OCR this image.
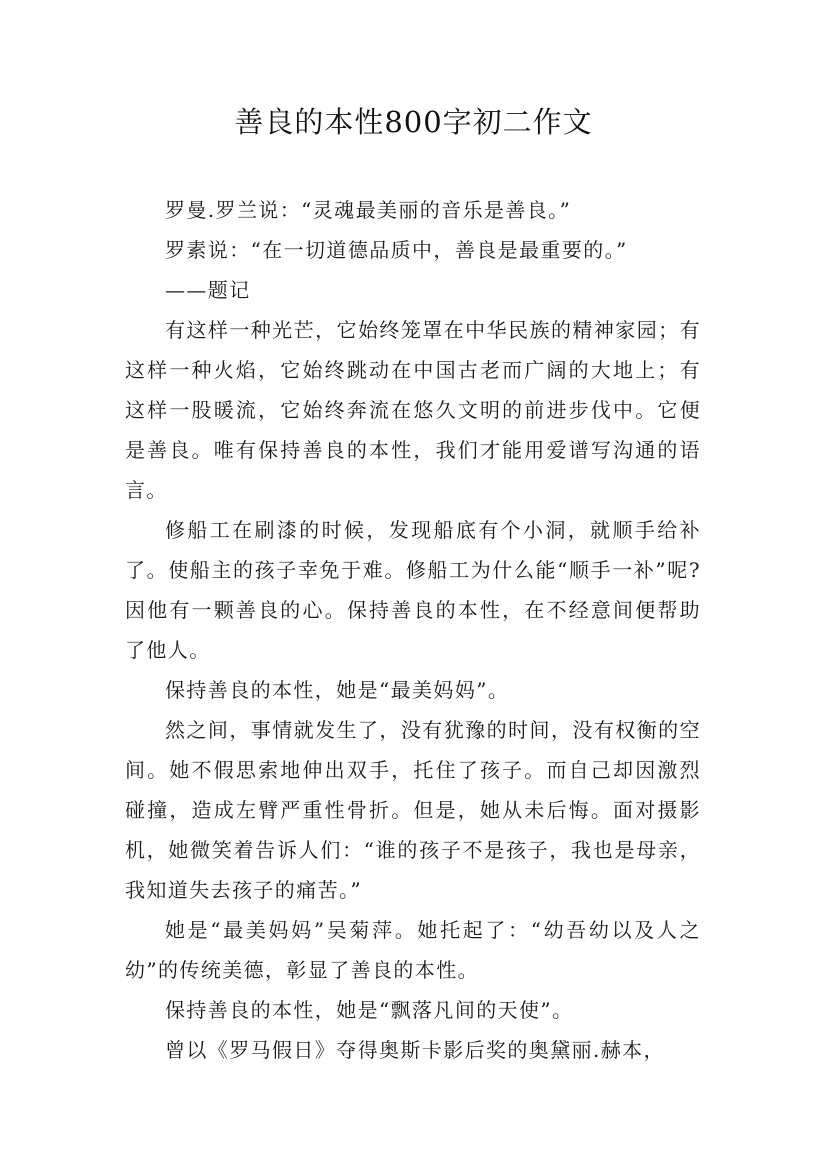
善良的本性800字初二作文

罗曼.罗兰说：“灵魂最美丽的音乐是善良。”

罗素说：“在一切道德品质中，善良是最重要的。”

——题记

有这样一种光芒，它始终笼罩在中华民族的精神家园；有这样一种火焰，它始终跳动在中国古老而广阔的大地上；有这样一股暖流，它始终奔流在悠久文明的前进步伐中。它便是善良。唯有保持善良的本性，我们才能用爱谱写沟通的语言。

修船工在刷漆的时候，发现船底有个小洞，就顺手给补了。使船主的孩子幸免于难。修船工为什么能“顺手一补”呢?因他有一颗善良的心。保持善良的本性，在不经意间便帮助了他人。

保持善良的本性，她是“最美妈妈”。

然之间，事情就发生了，没有犹豫的时间，没有权衡的空间。她不假思索地伸出双手，托住了孩子。而自己却因激烈碰撞，造成左臂严重性骨折。但是，她从未后悔。面对摄影机，她微笑着告诉人们：“谁的孩子不是孩子，我也是母亲，我知道失去孩子的痛苦。”

她是“最美妈妈”吴菊萍。她托起了：“幼吾幼以及人之幼”的传统美德，彰显了善良的本性。

保持善良的本性，她是“飘落凡间的天使”。

曾以《罗马假日》夺得奥斯卡影后奖的奥黛丽.赫本，
